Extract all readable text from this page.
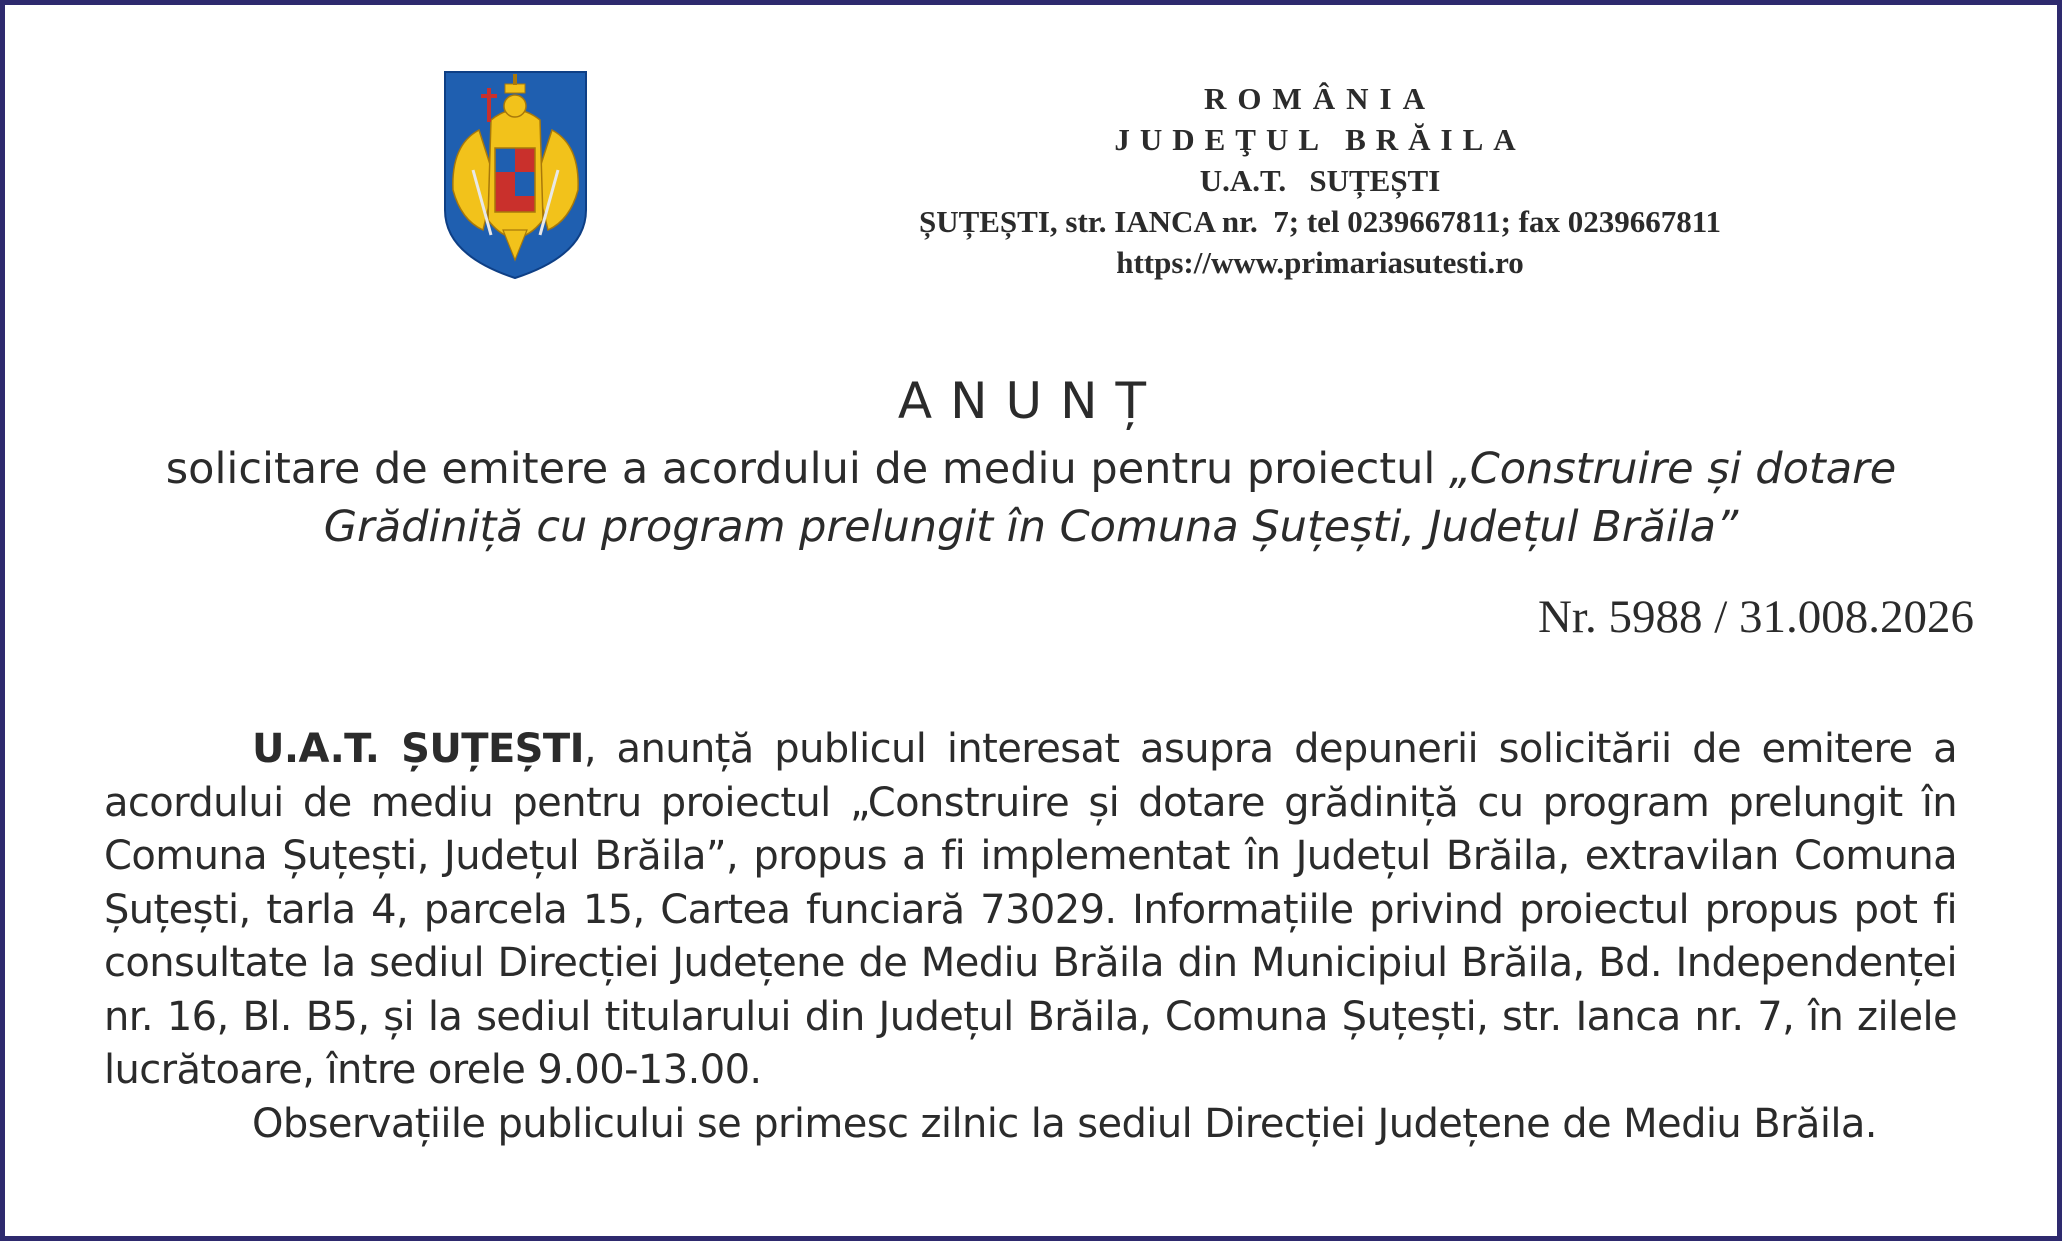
ROMÂNIA
JUDEŢUL BRĂILA
U.A.T.   SUȚEȘTI
ȘUȚEȘTI, str. IANCA nr.  7; tel 0239667811; fax 0239667811
https://www.primariasutesti.ro
ANUNȚ
solicitare de emitere a acordului de mediu pentru proiectul „Construire și dotare Grădiniță cu program prelungit în Comuna Șuțești, Județul Brăila”
Nr. 5988 / 31.008.2026

U.A.T. ȘUȚEȘTI, anunță publicul interesat asupra depunerii solicitării de emitere a acordului de mediu pentru proiectul „Construire și dotare grădiniță cu program prelungit în Comuna Șuțești, Județul Brăila”, propus a fi implementat în Județul Brăila, extravilan Comuna Șuțești, tarla 4, parcela 15, Cartea funciară 73029. Informațiile privind proiectul propus pot fi consultate la sediul Direcției Județene de Mediu Brăila din Municipiul Brăila, Bd. Independenței nr. 16, Bl. B5, și la sediul titularului din Județul Brăila, Comuna Șuțești, str. Ianca nr. 7, în zilele lucrătoare, între orele 9.00-13.00.

Observațiile publicului se primesc zilnic la sediul Direcției Județene de Mediu Brăila.
